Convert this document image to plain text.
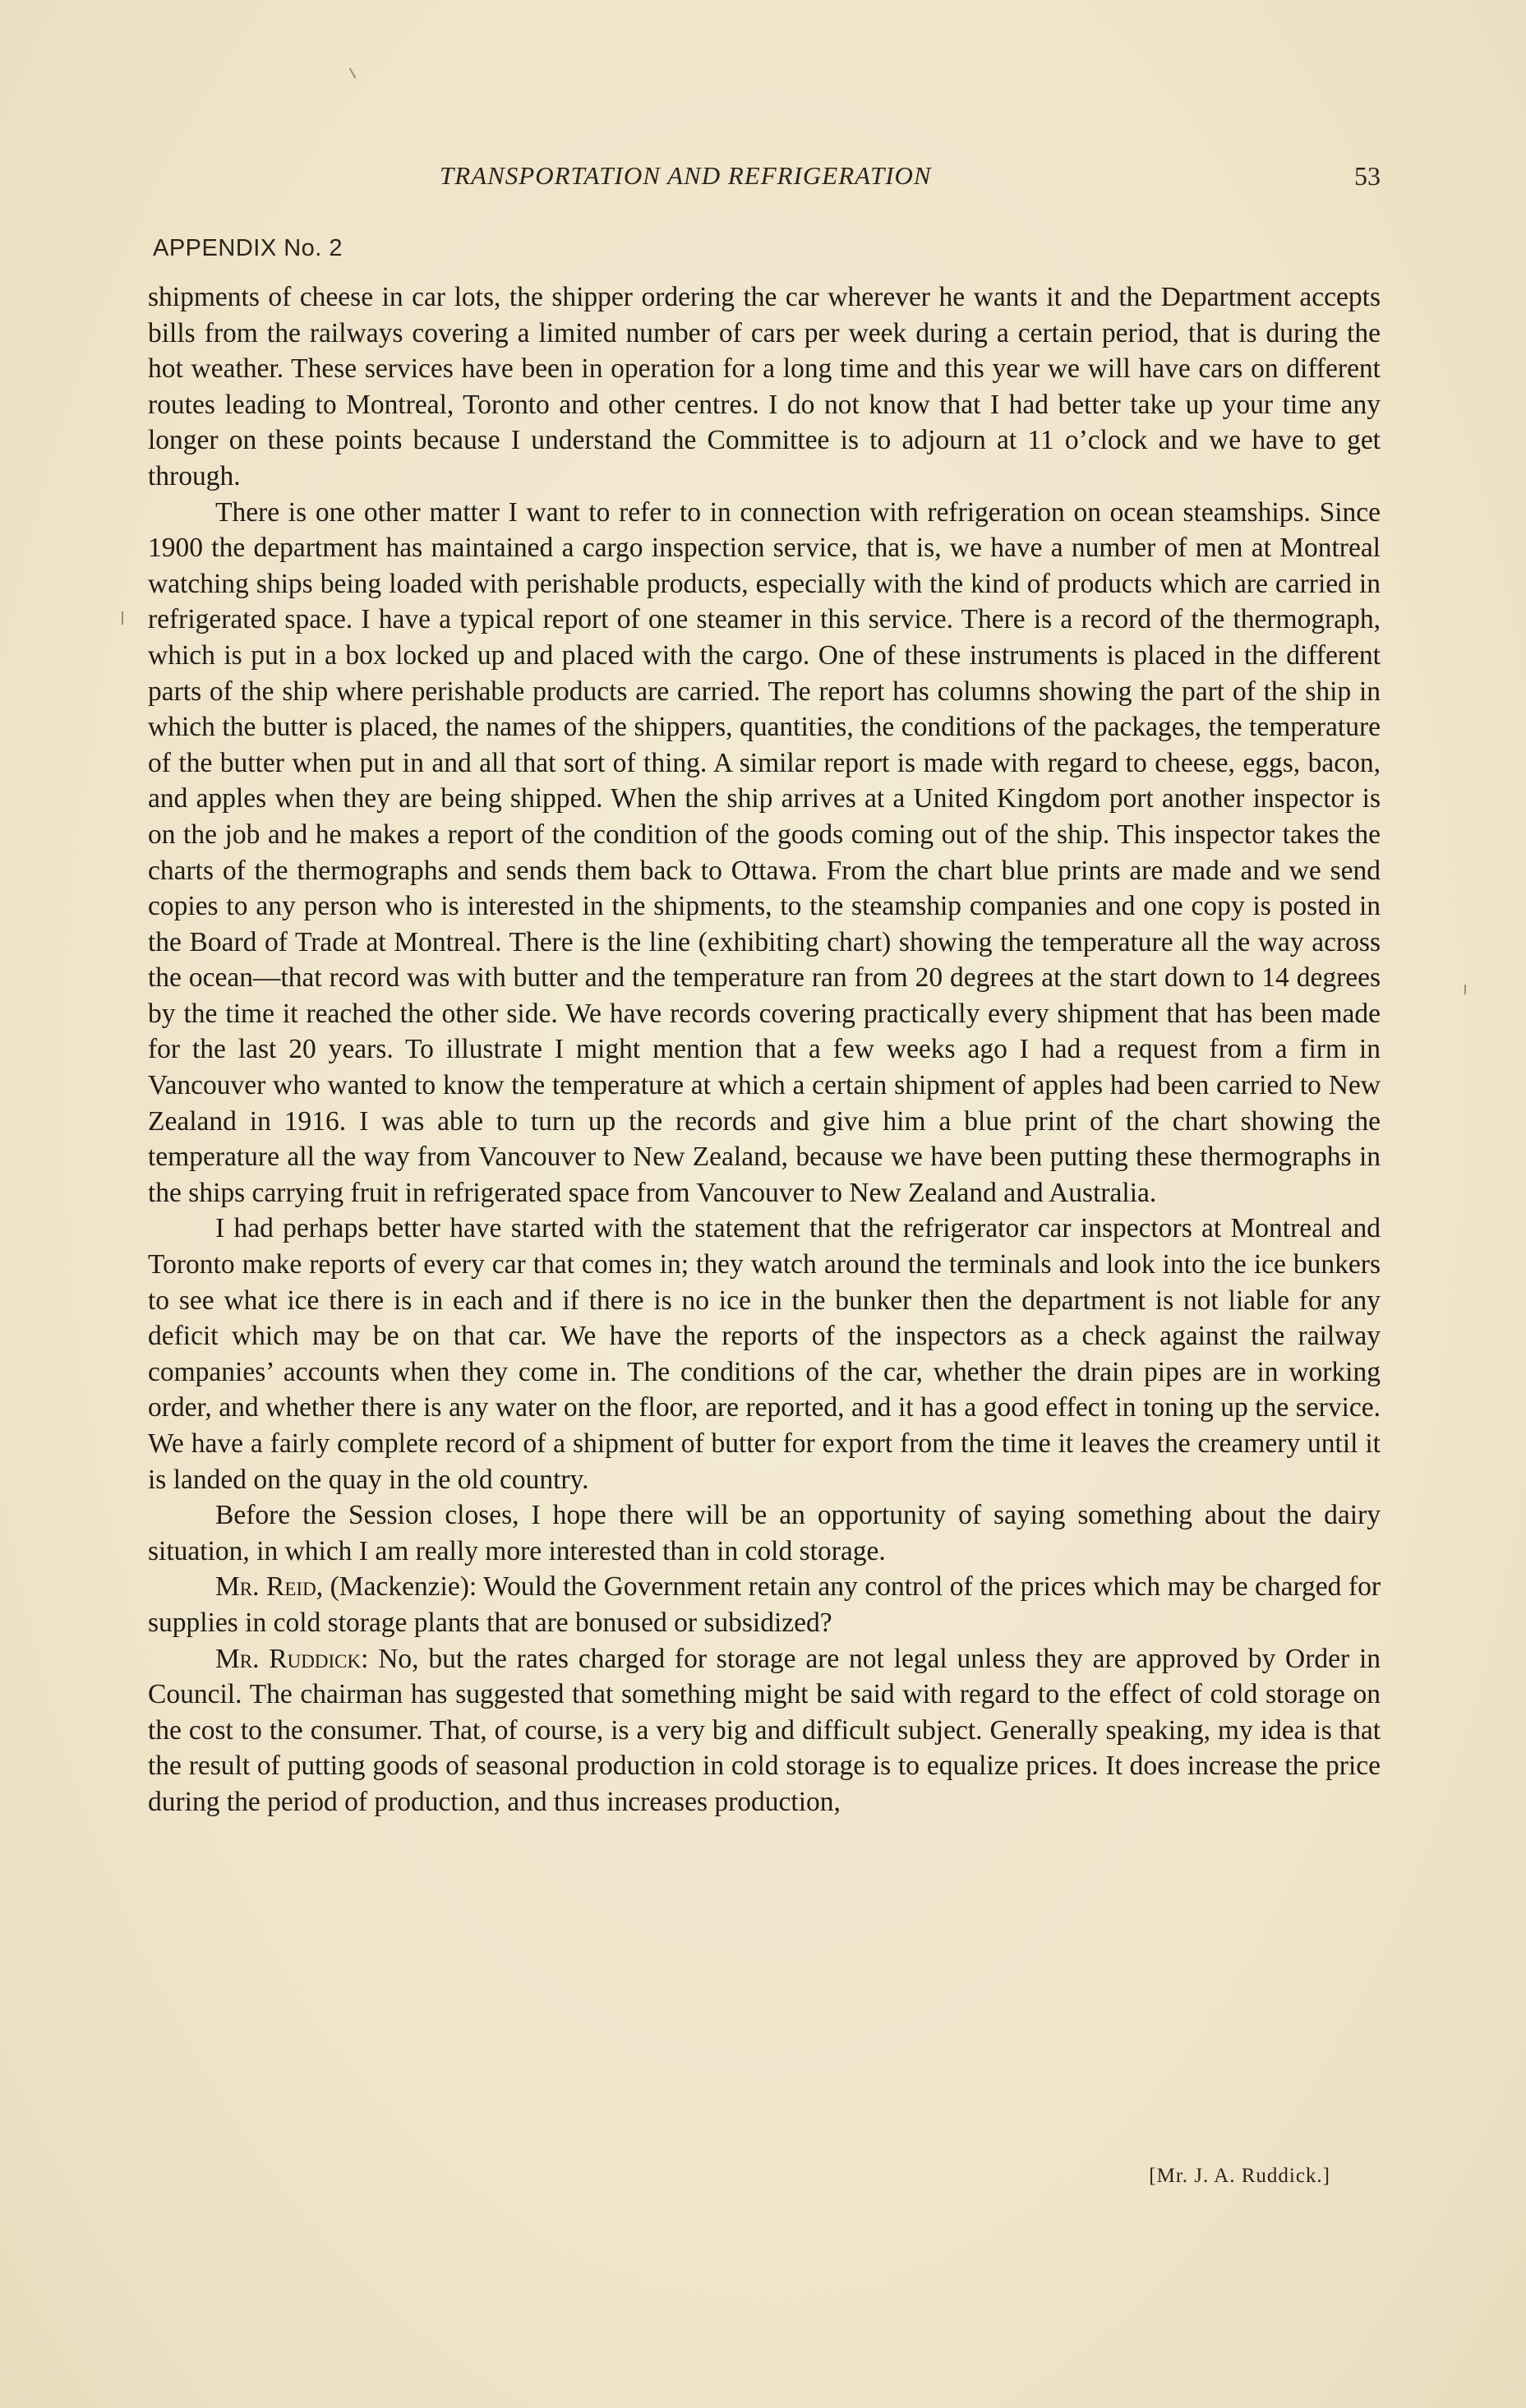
TRANSPORTATION AND REFRIGERATION	53
APPENDIX No. 2

shipments of cheese in car lots, the shipper ordering the car wherever he wants it and the Department accepts bills from the railways covering a limited number of cars per week during a certain period, that is during the hot weather. These services have been in operation for a long time and this year we will have cars on different routes leading to Montreal, Toronto and other centres. I do not know that I had better take up your time any longer on these points because I understand the Committee is to adjourn at 11 o’clock and we have to get through.

There is one other matter I want to refer to in connection with refrigeration on ocean steamships. Since 1900 the department has maintained a cargo inspection service, that is, we have a number of men at Montreal watching ships being loaded with perishable products, especially with the kind of products which are carried in refrigerated space. I have a typical report of one steamer in this service. There is a record of the thermograph, which is put in a box locked up and placed with the cargo. One of these instruments is placed in the different parts of the ship where perishable products are carried. The report has columns showing the part of the ship in which the butter is placed, the names of the shippers, quantities, the conditions of the packages, the temperature of the butter when put in and all that sort of thing. A similar report is made with regard to cheese, eggs, bacon, and apples when they are being shipped. When the ship arrives at a United Kingdom port another inspector is on the job and he makes a report of the condition of the goods coming out of the ship. This inspector takes the charts of the thermographs and sends them back to Ottawa. From the chart blue prints are made and we send copies to any person who is interested in the shipments, to the steamship companies and one copy is posted in the Board of Trade at Montreal. There is the line (exhibiting chart) showing the temperature all the way across the ocean—that record was with butter and the temperature ran from 20 degrees at the start down to 14 degrees by the time it reached the other side. We have records covering practically every shipment that has been made for the last 20 years. To illustrate I might mention that a few weeks ago I had a request from a firm in Vancouver who wanted to know the temperature at which a certain shipment of apples had been carried to New Zealand in 1916. I was able to turn up the records and give him a blue print of the chart showing the temperature all the way from Vancouver to New Zealand, because we have been putting these thermographs in the ships carrying fruit in refrigerated space from Vancouver to New Zealand and Australia.

I had perhaps better have started with the statement that the refrigerator car inspectors at Montreal and Toronto make reports of every car that comes in; they watch around the terminals and look into the ice bunkers to see what ice there is in each and if there is no ice in the bunker then the department is not liable for any deficit which may be on that car. We have the reports of the inspectors as a check against the railway companies’ accounts when they come in. The conditions of the car, whether the drain pipes are in working order, and whether there is any water on the floor, are reported, and it has a good effect in toning up the service. We have a fairly complete record of a shipment of butter for export from the time it leaves the creamery until it is landed on the quay in the old country.

Before the Session closes, I hope there will be an opportunity of saying something about the dairy situation, in which I am really more interested than in cold storage.

Mr. Reid, (Mackenzie): Would the Government retain any control of the prices which may be charged for supplies in cold storage plants that are bonused or subsidized?

Mr. Ruddick: No, but the rates charged for storage are not legal unless they are approved by Order in Council. The chairman has suggested that something might be said with regard to the effect of cold storage on the cost to the consumer. That, of course, is a very big and difficult subject. Generally speaking, my idea is that the result of putting goods of seasonal production in cold storage is to equalize prices. It does increase the price during the period of production, and thus increases production,

[Mr. J. A. Ruddick.]
